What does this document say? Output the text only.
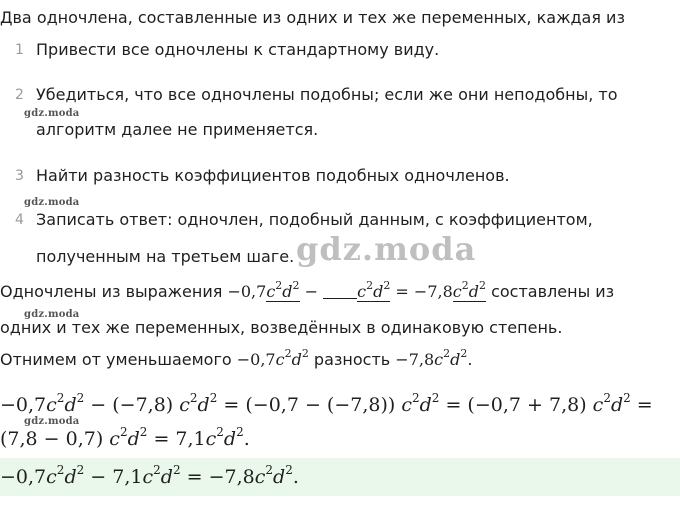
Два одночлена, составленные из одних и тех же переменных, каждая из
1 Привести все одночлены к стандартному виду.
2 Убедиться, что все одночлены подобны; если же они неподобны, то
алгоритм далее не применяется.
3 Найти разность коэффициентов подобных одночленов.
4 Записать ответ: одночлен, подобный данным, с коэффициентом,
полученным на третьем шаге.
gdz.moda
gdz.moda
gdz.moda
gdz.moda
gdz.moda
Одночлены из выражения $-0,7c^2d^2 - c^2d^2 = -7,8c^2d^2$ составлены из
одних и тех же переменных, возведённых в одинаковую степень.
Отнимем от уменьшаемого $-0,7c^2d^2$ разность $-7,8c^2d^2$.
$-0,7c^2d^2 - (-7,8) c^2d^2 = (-0,7 - (-7,8)) c^2d^2 = (-0,7 + 7,8) c^2d^2$ =
(7,8 − 0,7) $c^2d^2 = 7,1c^2d^2$.
$-0,7c^2d^2 - 7,1c^2d^2 = -7,8c^2d^2$.
